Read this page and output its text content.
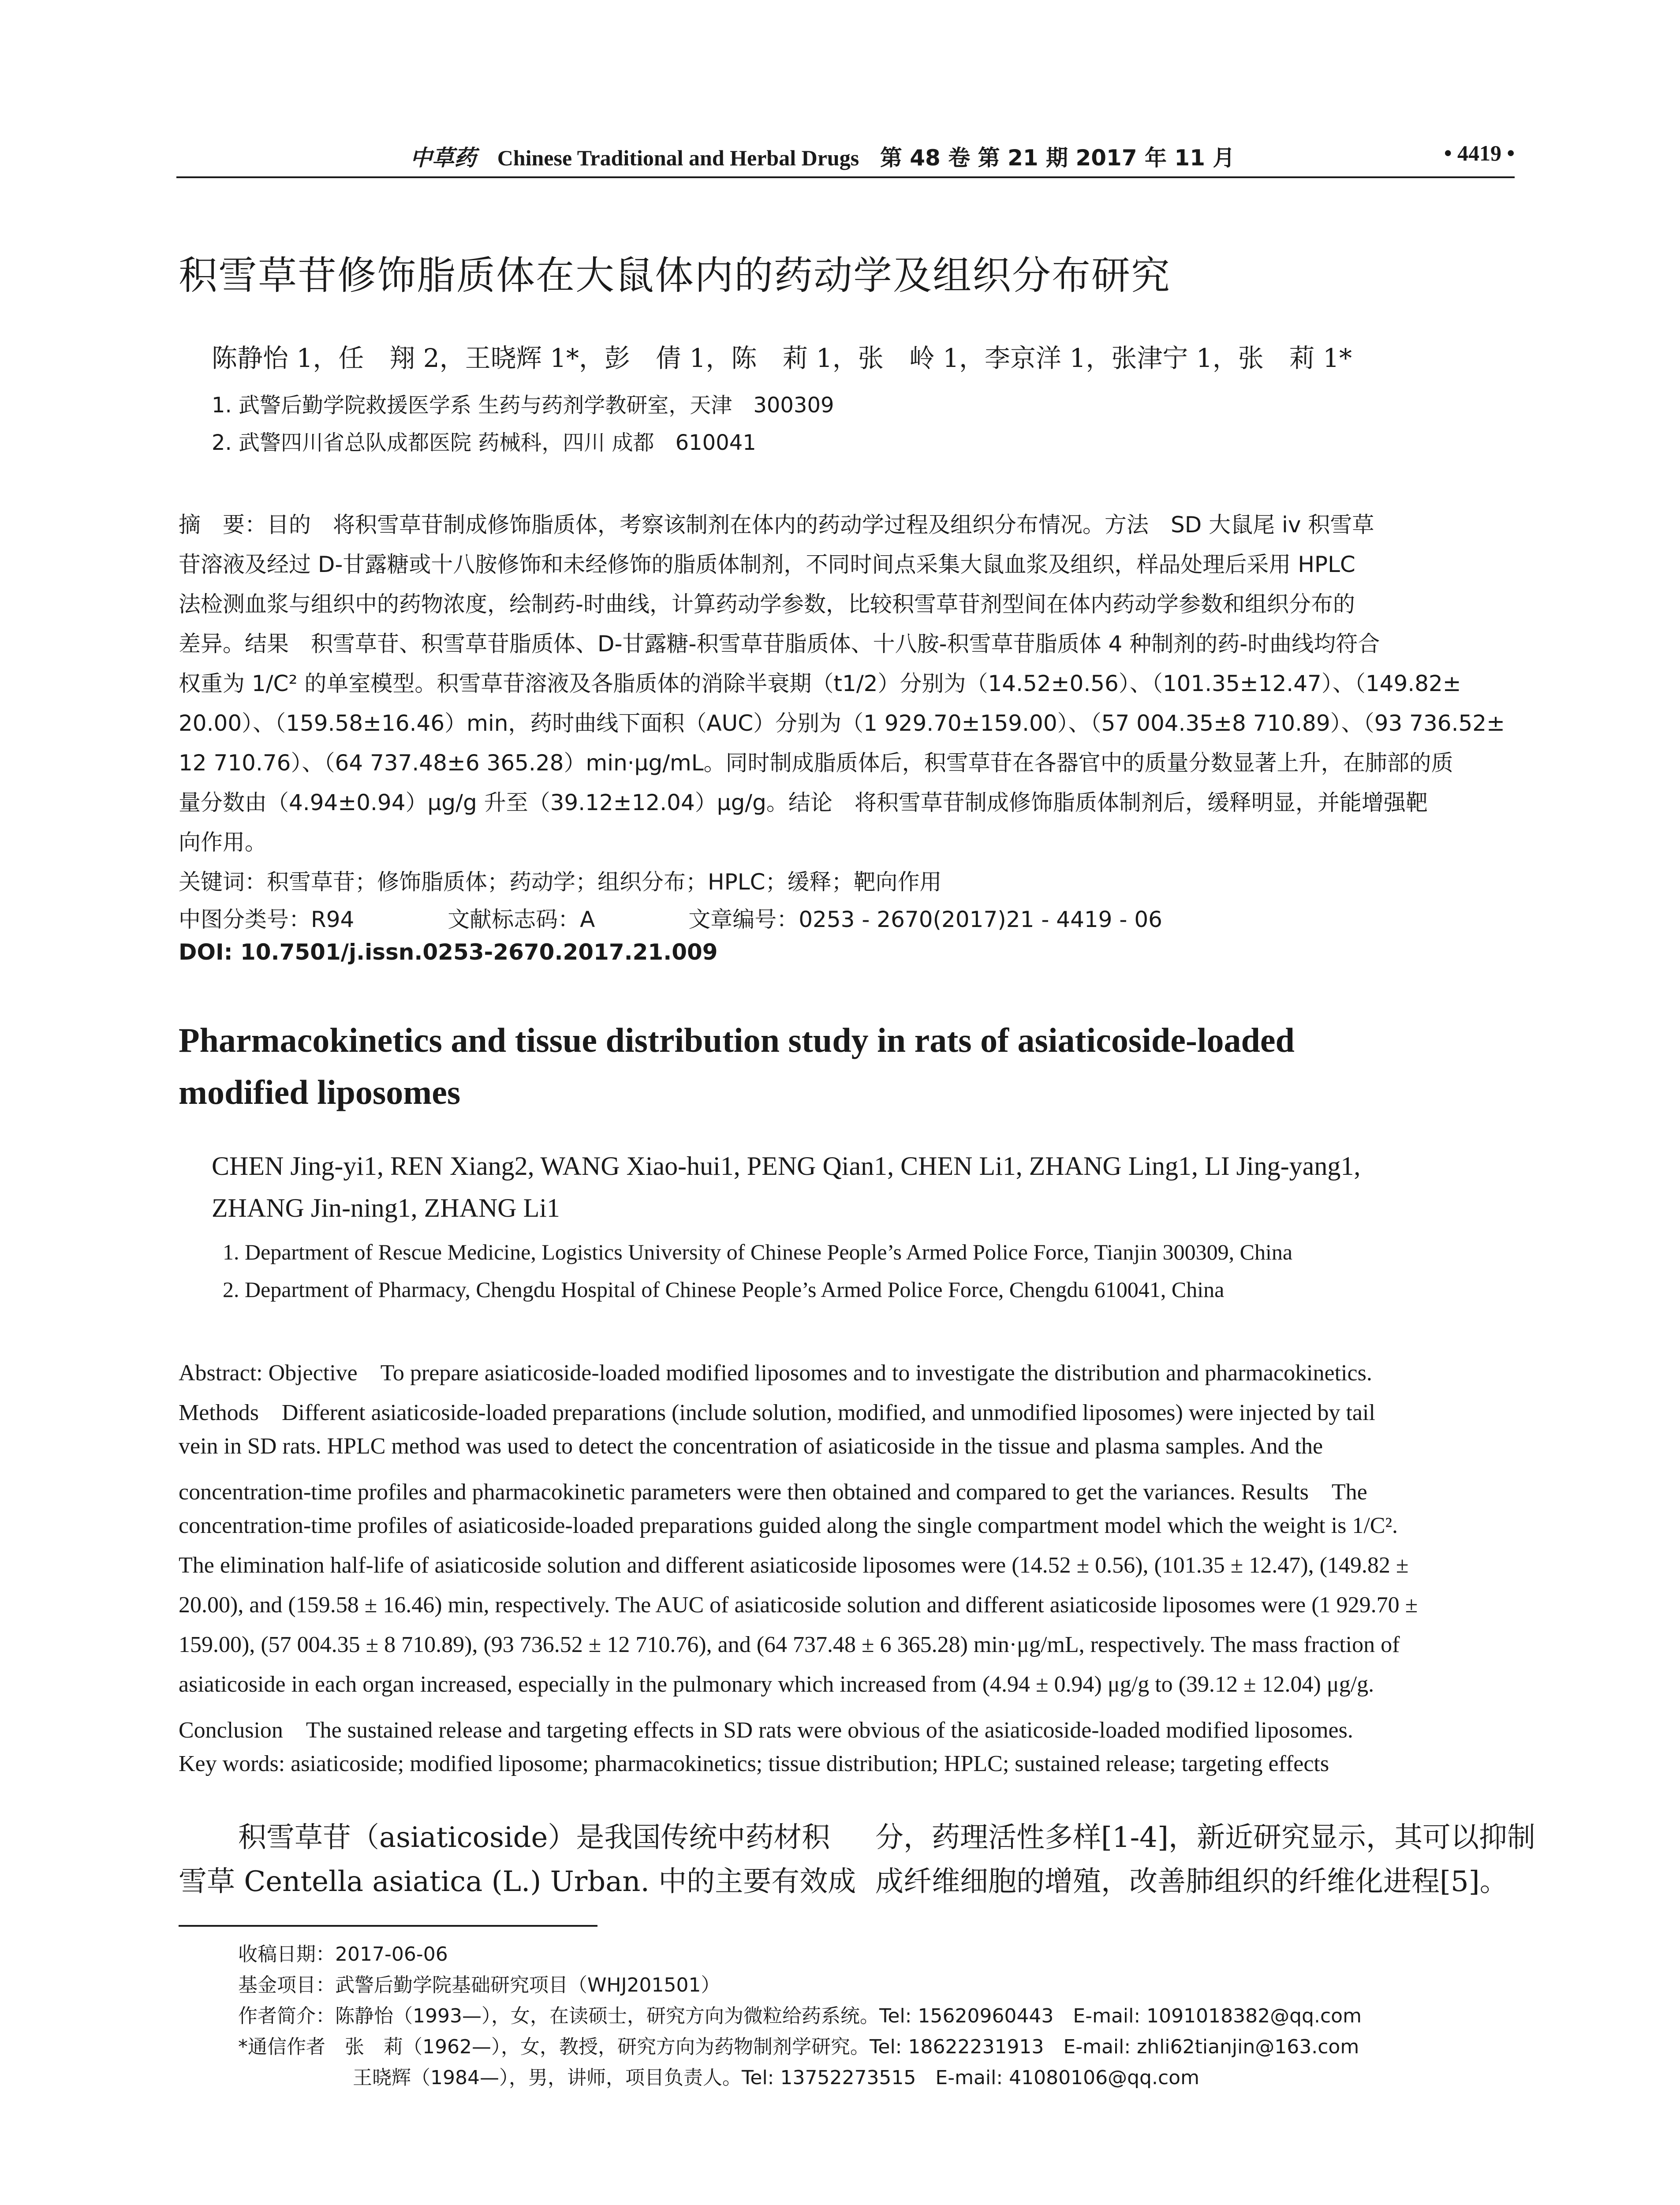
中草药 Chinese Traditional and Herbal Drugs 第 48 卷 第 21 期 2017 年 11 月	• 4419 •
积雪草苷修饰脂质体在大鼠体内的药动学及组织分布研究
陈静怡 1，任　翔 2，王晓辉 1*，彭　倩 1，陈　莉 1，张　岭 1，李京洋 1，张津宁 1，张　莉 1*
1. 武警后勤学院救援医学系 生药与药剂学教研室，天津　300309
2. 武警四川省总队成都医院 药械科，四川 成都　610041
摘　要：目的　将积雪草苷制成修饰脂质体，考察该制剂在体内的药动学过程及组织分布情况。方法　SD 大鼠尾 iv 积雪草
苷溶液及经过 D-甘露糖或十八胺修饰和未经修饰的脂质体制剂，不同时间点采集大鼠血浆及组织，样品处理后采用 HPLC
法检测血浆与组织中的药物浓度，绘制药-时曲线，计算药动学参数，比较积雪草苷剂型间在体内药动学参数和组织分布的
差异。结果　积雪草苷、积雪草苷脂质体、D-甘露糖-积雪草苷脂质体、十八胺-积雪草苷脂质体 4 种制剂的药-时曲线均符合
权重为 1/C² 的单室模型。积雪草苷溶液及各脂质体的消除半衰期（t1/2）分别为（14.52±0.56）、（101.35±12.47）、（149.82±
20.00）、（159.58±16.46）min，药时曲线下面积（AUC）分别为（1 929.70±159.00）、（57 004.35±8 710.89）、（93 736.52±
12 710.76）、（64 737.48±6 365.28）min·μg/mL。同时制成脂质体后，积雪草苷在各器官中的质量分数显著上升，在肺部的质
量分数由（4.94±0.94）μg/g 升至（39.12±12.04）μg/g。结论　将积雪草苷制成修饰脂质体制剂后，缓释明显，并能增强靶
向作用。
关键词：积雪草苷；修饰脂质体；药动学；组织分布；HPLC；缓释；靶向作用
中图分类号：R94	文献标志码：A	文章编号：0253 - 2670(2017)21 - 4419 - 06
DOI: 10.7501/j.issn.0253-2670.2017.21.009
Pharmacokinetics and tissue distribution study in rats of asiaticoside-loaded
modified liposomes
CHEN Jing-yi1, REN Xiang2, WANG Xiao-hui1, PENG Qian1, CHEN Li1, ZHANG Ling1, LI Jing-yang1,
ZHANG Jin-ning1, ZHANG Li1
1. Department of Rescue Medicine, Logistics University of Chinese People’s Armed Police Force, Tianjin 300309, China
2. Department of Pharmacy, Chengdu Hospital of Chinese People’s Armed Police Force, Chengdu 610041, China
Abstract: Objective　To prepare asiaticoside-loaded modified liposomes and to investigate the distribution and pharmacokinetics.
Methods　Different asiaticoside-loaded preparations (include solution, modified, and unmodified liposomes) were injected by tail
vein in SD rats. HPLC method was used to detect the concentration of asiaticoside in the tissue and plasma samples. And the
concentration-time profiles and pharmacokinetic parameters were then obtained and compared to get the variances. Results　The
concentration-time profiles of asiaticoside-loaded preparations guided along the single compartment model which the weight is 1/C².
The elimination half-life of asiaticoside solution and different asiaticoside liposomes were (14.52 ± 0.56), (101.35 ± 12.47), (149.82 ±
20.00), and (159.58 ± 16.46) min, respectively. The AUC of asiaticoside solution and different asiaticoside liposomes were (1 929.70 ±
159.00), (57 004.35 ± 8 710.89), (93 736.52 ± 12 710.76), and (64 737.48 ± 6 365.28) min·μg/mL, respectively. The mass fraction of
asiaticoside in each organ increased, especially in the pulmonary which increased from (4.94 ± 0.94) μg/g to (39.12 ± 12.04) μg/g.
Conclusion　The sustained release and targeting effects in SD rats were obvious of the asiaticoside-loaded modified liposomes.
Key words: asiaticoside; modified liposome; pharmacokinetics; tissue distribution; HPLC; sustained release; targeting effects
积雪草苷（asiaticoside）是我国传统中药材积
雪草 Centella asiatica (L.) Urban. 中的主要有效成
分，药理活性多样[1-4]，新近研究显示，其可以抑制
成纤维细胞的增殖，改善肺组织的纤维化进程[5]。
收稿日期：2017-06-06
基金项目：武警后勤学院基础研究项目（WHJ201501）
作者简介：陈静怡（1993—），女，在读硕士，研究方向为微粒给药系统。Tel: 15620960443　E-mail: 1091018382@qq.com
*通信作者　张　莉（1962—），女，教授，研究方向为药物制剂学研究。Tel: 18622231913　E-mail: zhli62tianjin@163.com
王晓辉（1984—），男，讲师，项目负责人。Tel: 13752273515　E-mail: 41080106@qq.com
